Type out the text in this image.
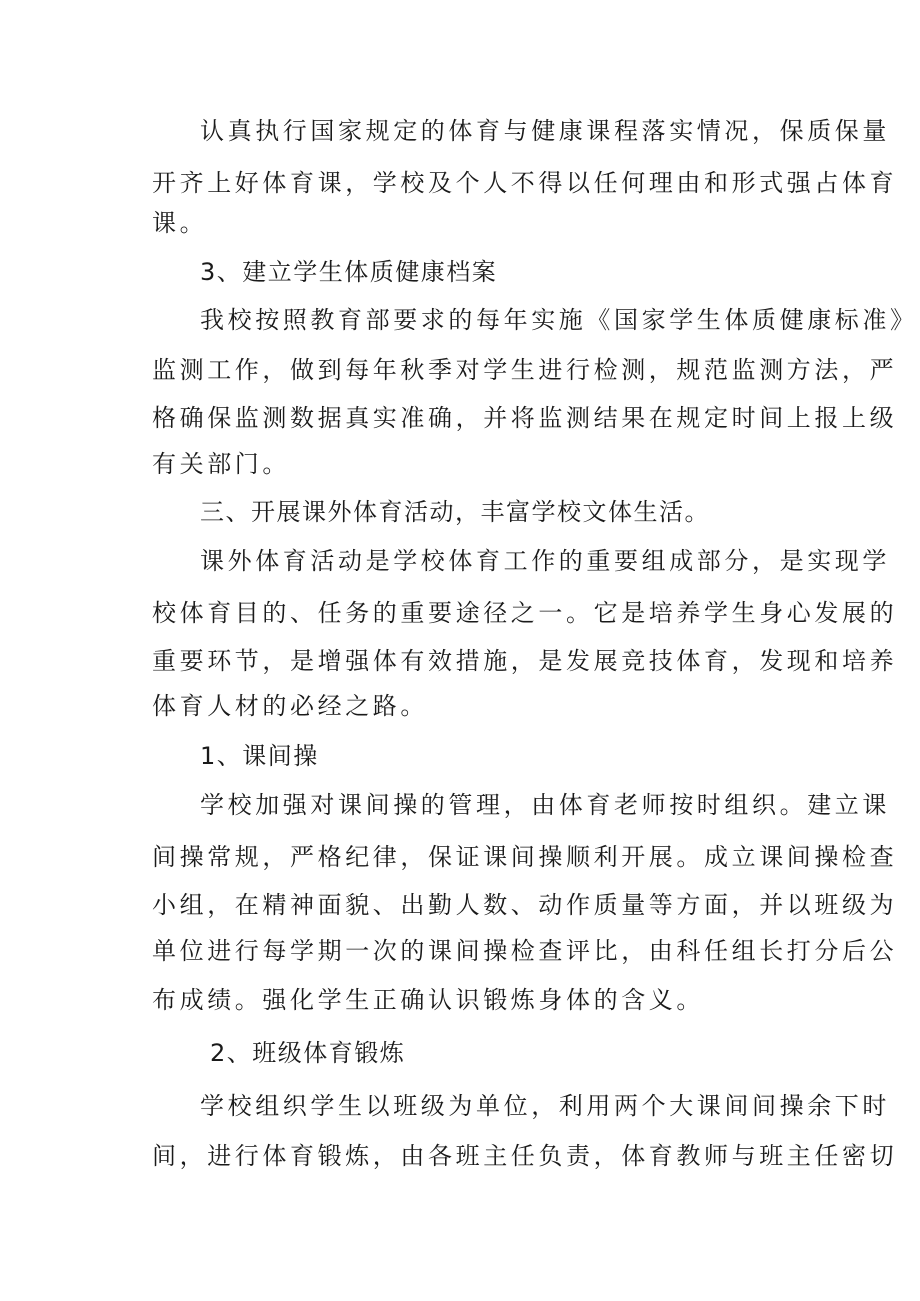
认真执行国家规定的体育与健康课程落实情况，保质保量
开齐上好体育课，学校及个人不得以任何理由和形式强占体育
课。
3、建立学生体质健康档案
我校按照教育部要求的每年实施《国家学生体质健康标准》
监测工作，做到每年秋季对学生进行检测，规范监测方法，严
格确保监测数据真实准确，并将监测结果在规定时间上报上级
有关部门。
三、开展课外体育活动，丰富学校文体生活。
课外体育活动是学校体育工作的重要组成部分，是实现学
校体育目的、任务的重要途径之一。它是培养学生身心发展的
重要环节，是增强体有效措施，是发展竞技体育，发现和培养
体育人材的必经之路。
1、课间操
学校加强对课间操的管理，由体育老师按时组织。建立课
间操常规，严格纪律，保证课间操顺利开展。成立课间操检查
小组，在精神面貌、出勤人数、动作质量等方面，并以班级为
单位进行每学期一次的课间操检查评比，由科任组长打分后公
布成绩。强化学生正确认识锻炼身体的含义。
2、班级体育锻炼
学校组织学生以班级为单位，利用两个大课间间操余下时
间，进行体育锻炼，由各班主任负责，体育教师与班主任密切
